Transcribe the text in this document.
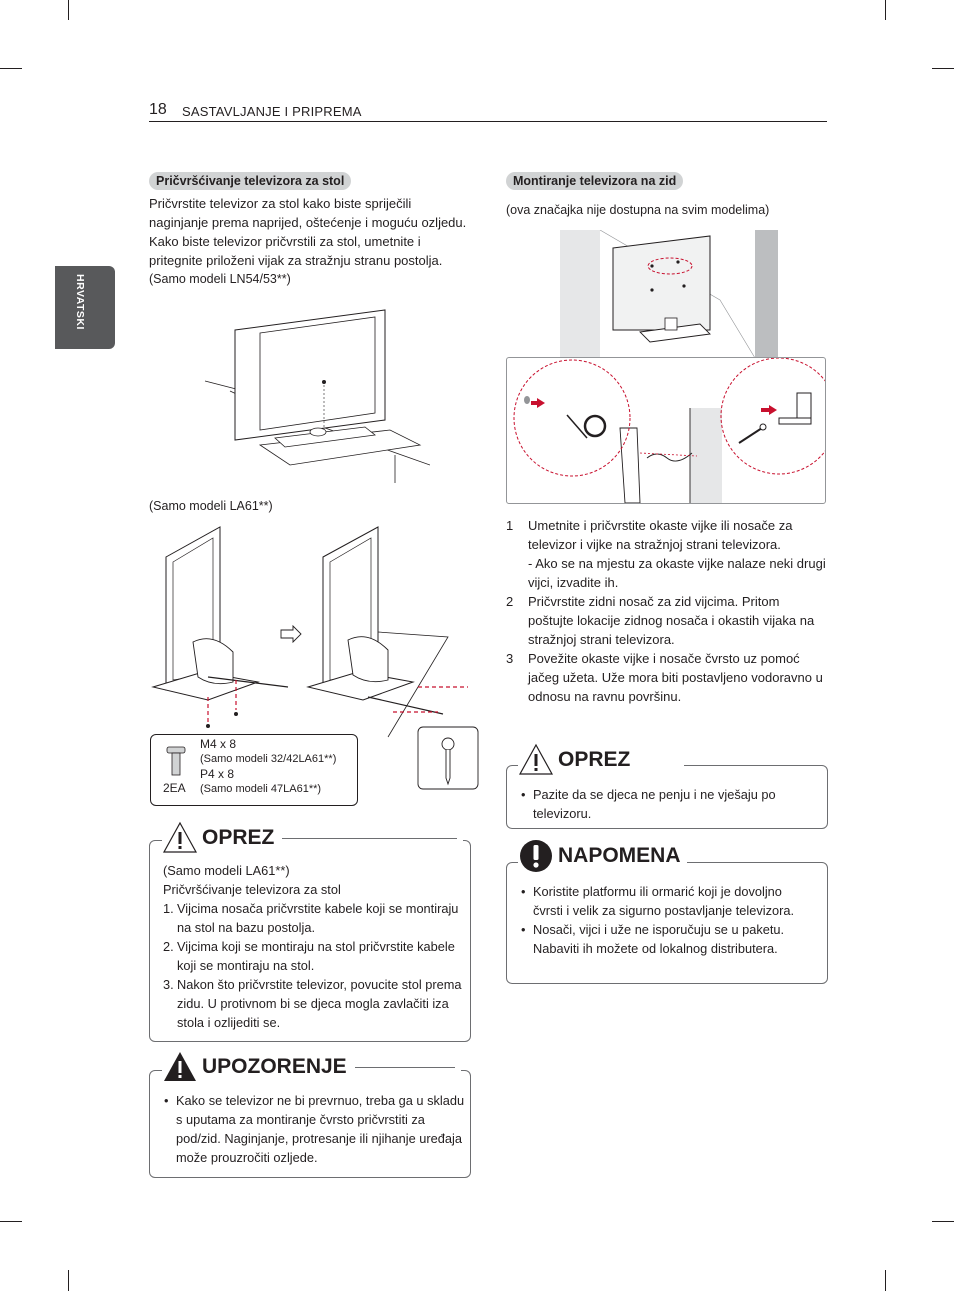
18 SASTAVLJANJE I PRIPREMA
HRVATSKI
Pričvršćivanje televizora za stol
Pričvrstite televizor za stol kako biste spriječili naginjanje prema naprijed, oštećenje i moguću ozljedu.
Kako biste televizor pričvrstili za stol, umetnite i pritegnite priloženi vijak za stražnju stranu postolja.
(Samo modeli LN54/53**)
(Samo modeli LA61**)
2EA
M4 x 8
(Samo modeli 32/42LA61**)
P4 x 8
(Samo modeli 47LA61**)
(Samo modeli LA61**)
Pričvršćivanje televizora za stol
1. Vijcima nosača pričvrstite kabele koji se montiraju na stol na bazu postolja.
2. Vijcima koji se montiraju na stol pričvrstite kabele koji se montiraju na stol.
3. Nakon što pričvrstite televizor, povucite stol prema zidu. U protivnom bi se djeca mogla zavlačiti iza stola i ozlijediti se.
OPREZ
• Kako se televizor ne bi prevrnuo, treba ga u skladu s uputama za montiranje čvrsto pričvrstiti za pod/zid. Naginjanje, protresanje ili njihanje uređaja može prouzročiti ozljede.
UPOZORENJE
Montiranje televizora na zid
(ova značajka nije dostupna na svim modelima)
1 Umetnite i pričvrstite okaste vijke ili nosače za televizor i vijke na stražnjoj strani televizora.
- Ako se na mjestu za okaste vijke nalaze neki drugi vijci, izvadite ih.
2 Pričvrstite zidni nosač za zid vijcima. Pritom poštujte lokacije zidnog nosača i okastih vijaka na stražnjoj strani televizora.
3 Povežite okaste vijke i nosače čvrsto uz pomoć jačeg užeta. Uže mora biti postavljeno vodoravno u odnosu na ravnu površinu.
• Pazite da se djeca ne penju i ne vješaju po televizoru.
OPREZ
• Koristite platformu ili ormarić koji je dovoljno čvrsti i velik za sigurno postavljanje televizora.
• Nosači, vijci i uže ne isporučuju se u paketu. Nabaviti ih možete od lokalnog distributera.
NAPOMENA
